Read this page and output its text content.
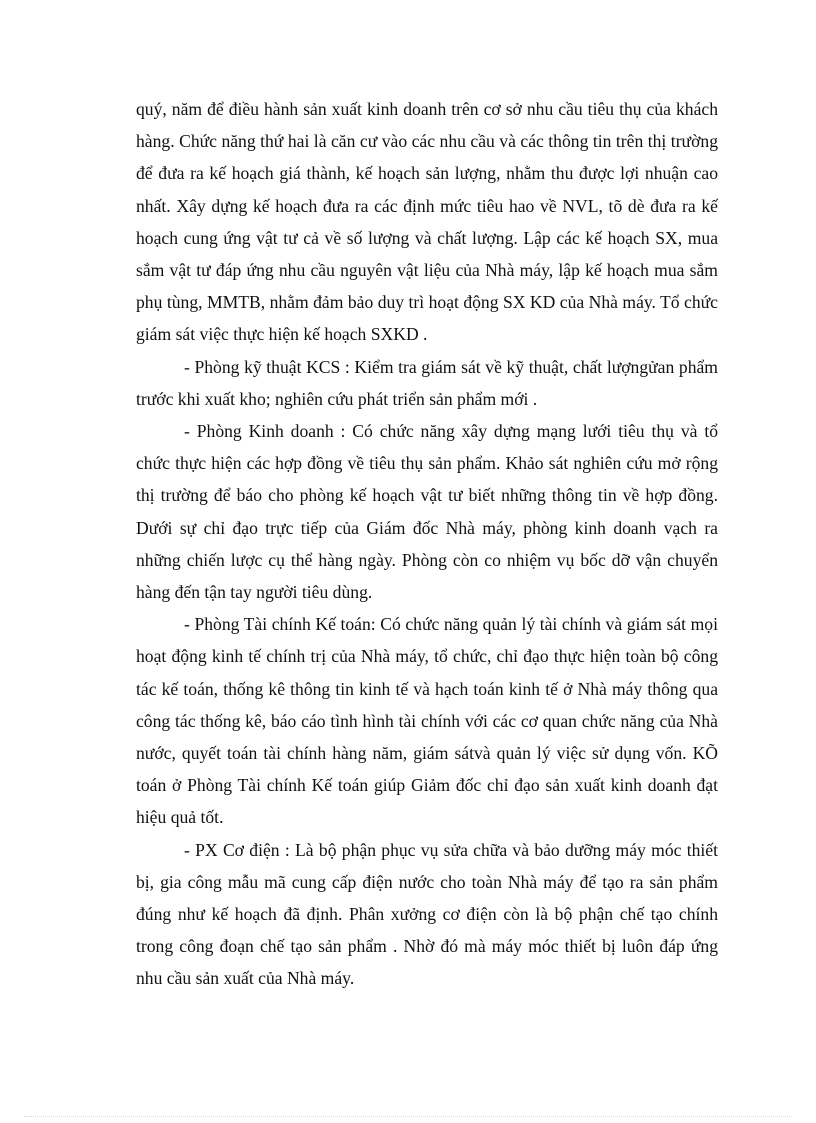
quý, năm để điều hành sản xuất kinh doanh trên cơ sở nhu cầu tiêu thụ của khách hàng. Chức năng thứ hai là căn cư vào các nhu cầu và các thông tin trên thị trường để đưa ra kế hoạch giá thành, kế hoạch sản lượng, nhằm thu được lợi nhuận cao nhất. Xây dựng kế hoạch đưa ra các định mức tiêu hao về NVL, tõ dè đưa ra kế hoạch cung ứng vật tư cả về số lượng và chất lượng. Lập các kế hoạch SX, mua sắm vật tư đáp ứng nhu cầu nguyên vật liệu của Nhà máy, lập kế hoạch mua sắm phụ tùng, MMTB, nhằm đảm bảo duy trì hoạt động SX KD của Nhà máy. Tổ chức giám sát việc thực hiện kế hoạch SXKD .

- Phòng kỹ thuật KCS : Kiểm tra giám sát về kỹ thuật, chất lượngửan phẩm trước khi xuất kho; nghiên cứu phát triển sản phẩm mới .

- Phòng Kinh doanh : Có chức năng xây dựng mạng lưới tiêu thụ và tổ chức thực hiện các hợp đồng về tiêu thụ sản phẩm. Khảo sát nghiên cứu mở rộng thị trường để báo cho phòng kế hoạch vật tư biết những thông tin về hợp đồng. Dưới sự chỉ đạo trực tiếp của Giám đốc Nhà máy, phòng kinh doanh vạch ra những chiến lược cụ thể hàng ngày. Phòng còn co nhiệm vụ bốc dỡ vận chuyển hàng đến tận tay người tiêu dùng.

- Phòng Tài chính Kế toán: Có chức năng quản lý tài chính và giám sát mọi hoạt động kinh tế chính trị của Nhà máy, tổ chức, chỉ đạo thực hiện toàn bộ công tác kế toán, thống kê thông tin kinh tế và hạch toán kinh tế ở Nhà máy thông qua công tác thống kê, báo cáo tình hình tài chính với các cơ quan chức năng của Nhà nước, quyết toán tài chính hàng năm, giám sátvà quản lý việc sử dụng vốn. KÕ toán ở Phòng Tài chính Kế toán giúp Giảm đốc chỉ đạo sản xuất kinh doanh đạt hiệu quả tốt.

- PX Cơ điện : Là bộ phận phục vụ sửa chữa và bảo dưỡng máy móc thiết bị, gia công mẫu mã cung cấp điện nước cho toàn Nhà máy để tạo ra sản phẩm đúng như kế hoạch đã định. Phân xưởng cơ điện còn là bộ phận chế tạo chính trong công đoạn chế tạo sản phẩm . Nhờ đó mà máy móc thiết bị luôn đáp ứng nhu cầu sản xuất của Nhà máy.
